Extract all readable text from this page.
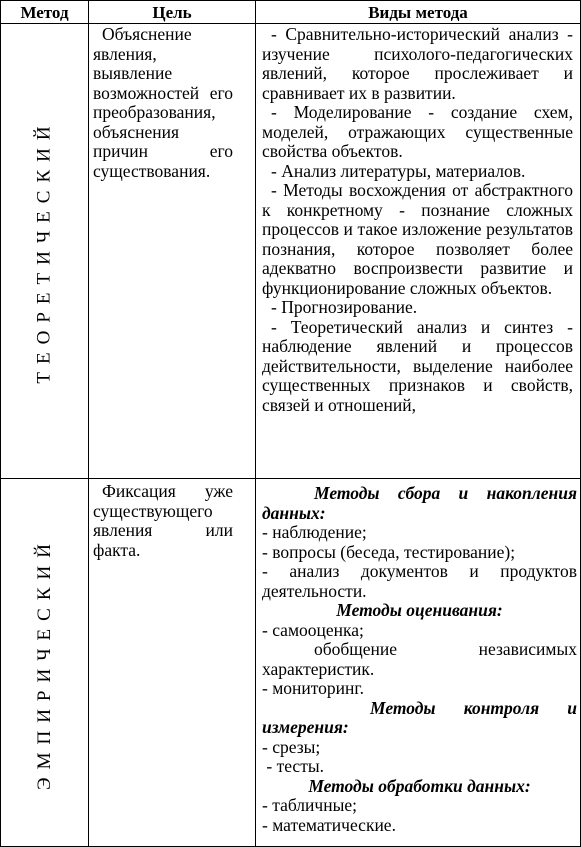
Метод	Цель	Виды метода
ТЕОРЕТИЧЕСКИЙ

Объяснение явления, выявление возможностей его преобразования, объяснения причин его существования.

- Сравнительно-исторический анализ - изучение психолого-педагогических явлений, которое прослеживает и сравнивает их в развитии.

- Моделирование - создание схем, моделей, отражающих существенные свойства объектов.

- Анализ литературы, материалов.

- Методы восхождения от абстрактного к конкретному - познание сложных процессов и такое изложение результатов познания, которое позволяет более адекватно воспроизвести развитие и функционирование сложных объектов.

- Прогнозирование.

- Теоретический анализ и синтез - наблюдение явлений и процессов действительности, выделение наиболее существенных признаков и свойств, связей и отношений,

ЭМПИРИЧЕСКИЙ

Фиксация уже существующего явления или факта.

Методы сбора и накопления данных:

- наблюдение;

- вопросы (беседа, тестирование);

- анализ документов и продуктов деятельности.

Методы оценивания:

- самооценка;

обобщение независимых характеристик.

- мониторинг.

Методы контроля и измерения:

- срезы;

- тесты.

Методы обработки данных:

- табличные;

- математические.
